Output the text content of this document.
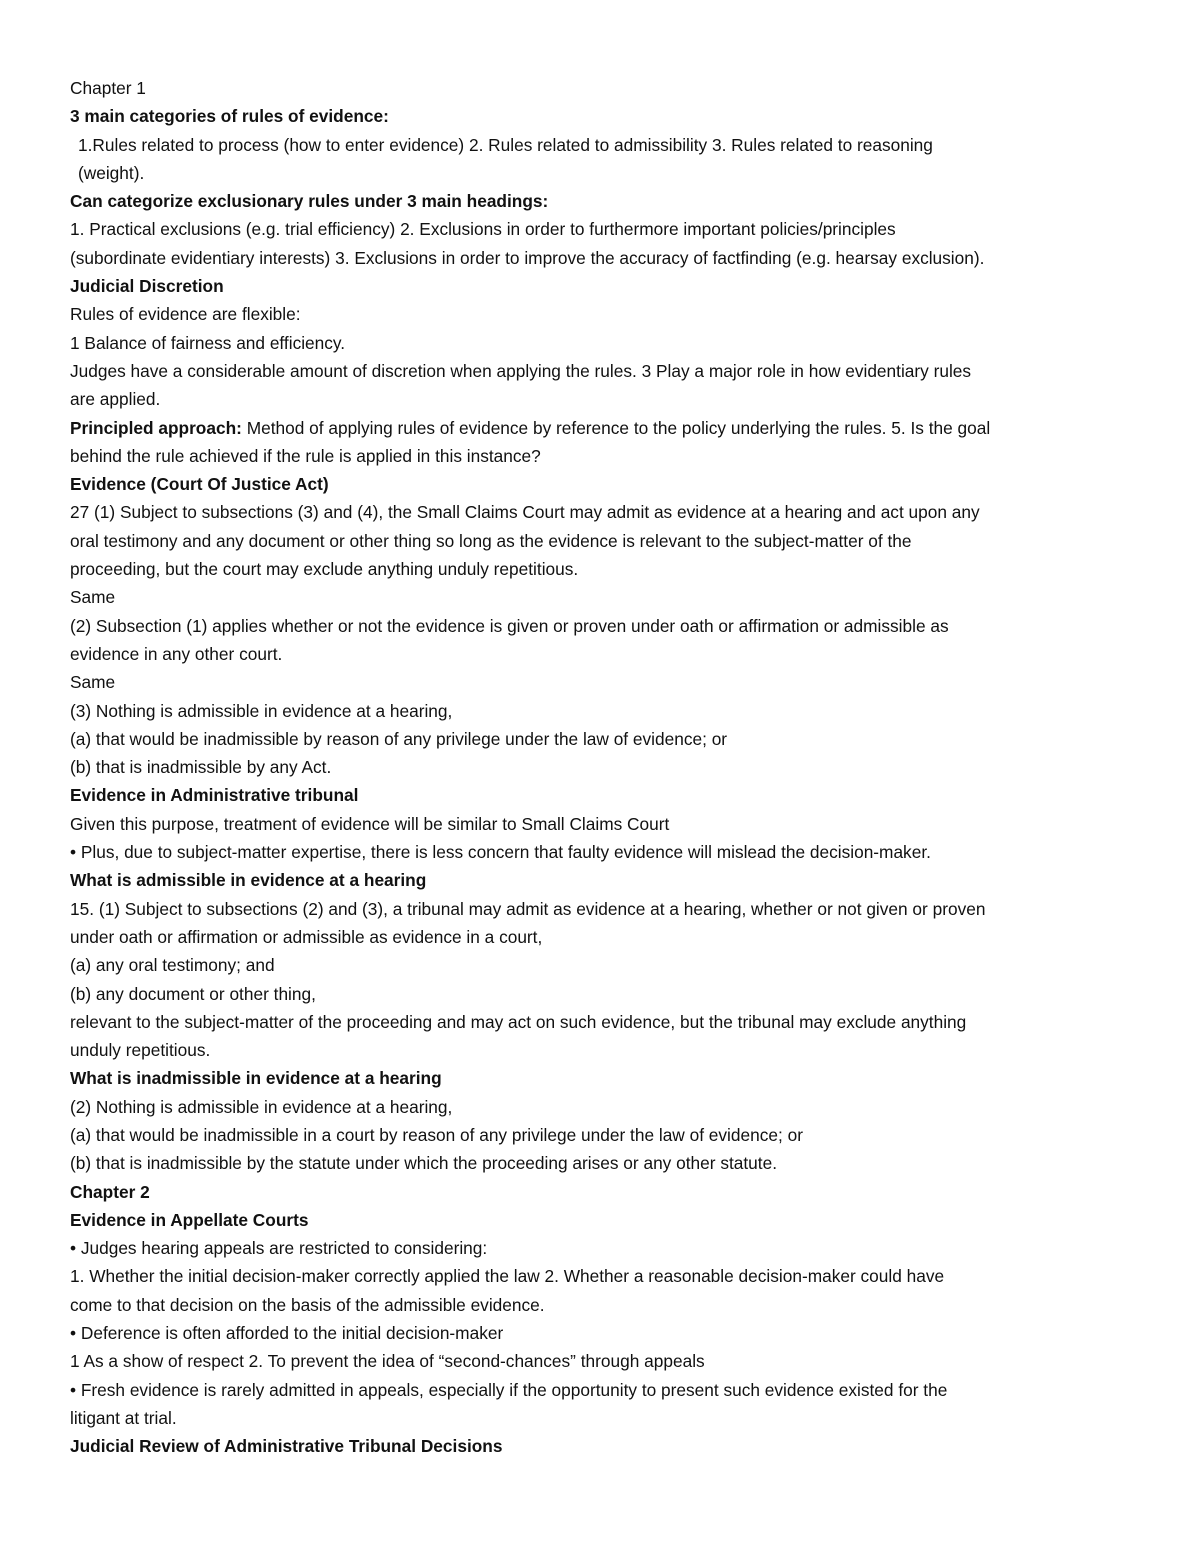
Chapter 1
3 main categories of rules of evidence:
1.Rules related to process (how to enter evidence) 2. Rules related to admissibility 3. Rules related to reasoning
(weight).
Can categorize exclusionary rules under 3 main headings:
1. Practical exclusions (e.g. trial efficiency) 2. Exclusions in order to furthermore important policies/principles
(subordinate evidentiary interests) 3. Exclusions in order to improve the accuracy of factfinding (e.g. hearsay exclusion).
Judicial Discretion
Rules of evidence are flexible:
1 Balance of fairness and efficiency.
Judges have a considerable amount of discretion when applying the rules. 3 Play a major role in how evidentiary rules
are applied.
Principled approach: Method of applying rules of evidence by reference to the policy underlying the rules. 5. Is the goal
behind the rule achieved if the rule is applied in this instance?
Evidence (Court Of Justice Act)
27 (1) Subject to subsections (3) and (4), the Small Claims Court may admit as evidence at a hearing and act upon any
oral testimony and any document or other thing so long as the evidence is relevant to the subject-matter of the
proceeding, but the court may exclude anything unduly repetitious.
Same
(2) Subsection (1) applies whether or not the evidence is given or proven under oath or affirmation or admissible as
evidence in any other court.
Same
(3) Nothing is admissible in evidence at a hearing,
(a) that would be inadmissible by reason of any privilege under the law of evidence; or
(b) that is inadmissible by any Act.
Evidence in Administrative tribunal
Given this purpose, treatment of evidence will be similar to Small Claims Court
• Plus, due to subject-matter expertise, there is less concern that faulty evidence will mislead the decision-maker.
What is admissible in evidence at a hearing
15. (1) Subject to subsections (2) and (3), a tribunal may admit as evidence at a hearing, whether or not given or proven
under oath or affirmation or admissible as evidence in a court,
(a) any oral testimony; and
(b) any document or other thing,
relevant to the subject-matter of the proceeding and may act on such evidence, but the tribunal may exclude anything
unduly repetitious.
What is inadmissible in evidence at a hearing
(2) Nothing is admissible in evidence at a hearing,
(a) that would be inadmissible in a court by reason of any privilege under the law of evidence; or
(b) that is inadmissible by the statute under which the proceeding arises or any other statute.
Chapter 2
Evidence in Appellate Courts
• Judges hearing appeals are restricted to considering:
1. Whether the initial decision-maker correctly applied the law 2. Whether a reasonable decision-maker could have
come to that decision on the basis of the admissible evidence.
• Deference is often afforded to the initial decision-maker
1 As a show of respect 2. To prevent the idea of “second-chances” through appeals
• Fresh evidence is rarely admitted in appeals, especially if the opportunity to present such evidence existed for the
litigant at trial.
Judicial Review of Administrative Tribunal Decisions
